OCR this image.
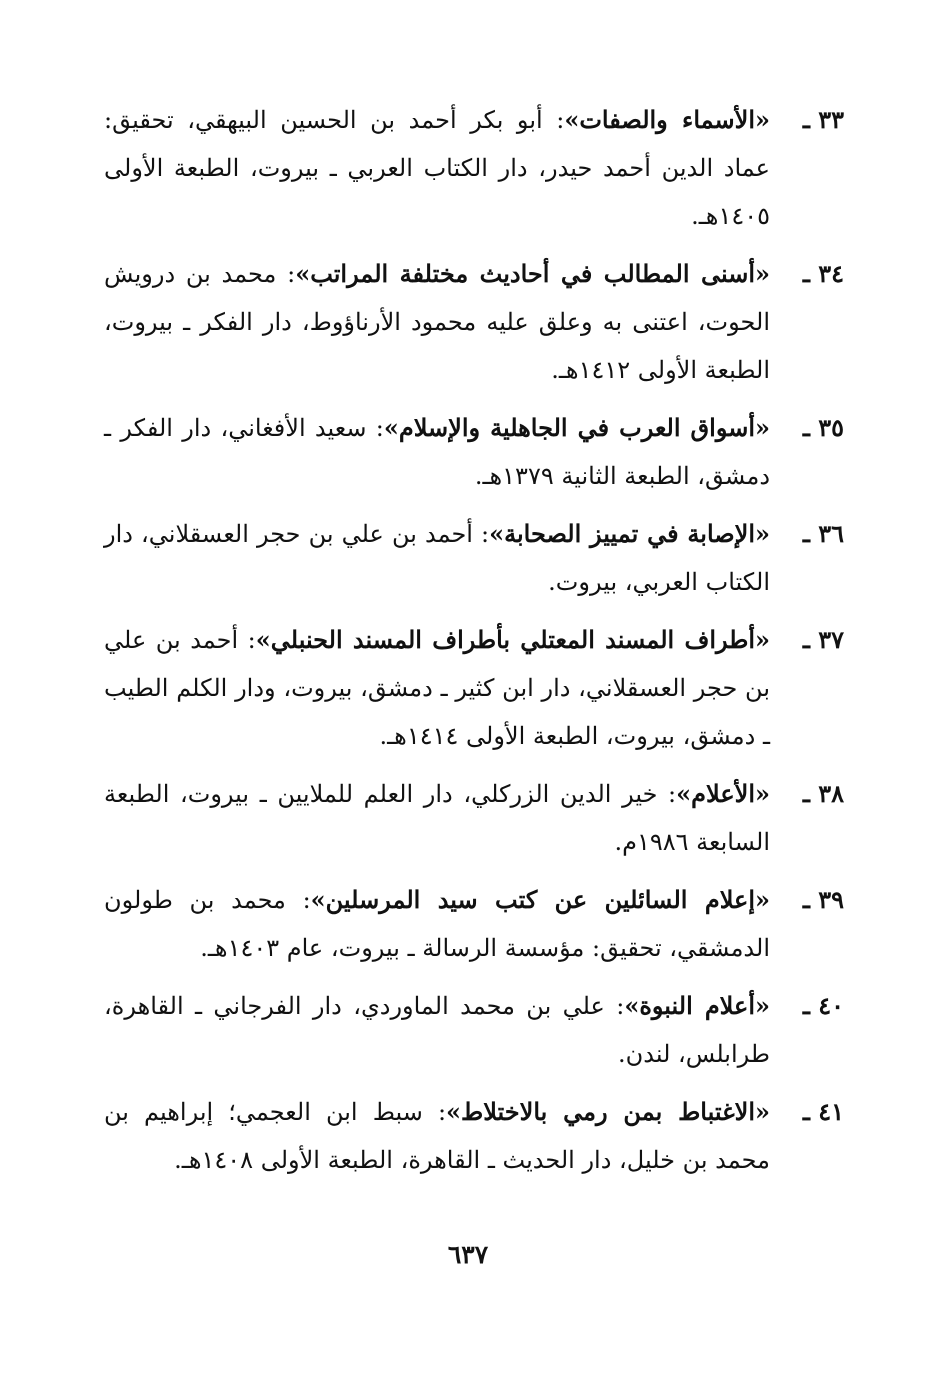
٣٣ ـ
«الأسماء والصفات»: أبو بكر أحمد بن الحسين البيهقي، تحقيق: عماد الدين أحمد حيدر، دار الكتاب العربي ـ بيروت، الطبعة الأولى ١٤٠٥هـ.
٣٤ ـ
«أسنى المطالب في أحاديث مختلفة المراتب»: محمد بن درويش الحوت، اعتنى به وعلق عليه محمود الأرناؤوط، دار الفكر ـ بيروت، الطبعة الأولى ١٤١٢هـ.
٣٥ ـ
«أسواق العرب في الجاهلية والإسلام»: سعيد الأفغاني، دار الفكر ـ دمشق، الطبعة الثانية ١٣٧٩هـ.
٣٦ ـ
«الإصابة في تمييز الصحابة»: أحمد بن علي بن حجر العسقلاني، دار الكتاب العربي، بيروت.
٣٧ ـ
«أطراف المسند المعتلي بأطراف المسند الحنبلي»: أحمد بن علي بن حجر العسقلاني، دار ابن كثير ـ دمشق، بيروت، ودار الكلم الطيب ـ دمشق، بيروت، الطبعة الأولى ١٤١٤هـ.
٣٨ ـ
«الأعلام»: خير الدين الزركلي، دار العلم للملايين ـ بيروت، الطبعة السابعة ١٩٨٦م.
٣٩ ـ
«إعلام السائلين عن كتب سيد المرسلين»: محمد بن طولون الدمشقي، تحقيق: مؤسسة الرسالة ـ بيروت، عام ١٤٠٣هـ.
٤٠ ـ
«أعلام النبوة»: علي بن محمد الماوردي، دار الفرجاني ـ القاهرة، طرابلس، لندن.
٤١ ـ
«الاغتباط بمن رمي بالاختلاط»: سبط ابن العجمي؛ إبراهيم بن محمد بن خليل، دار الحديث ـ القاهرة، الطبعة الأولى ١٤٠٨هـ.
٦٣٧
